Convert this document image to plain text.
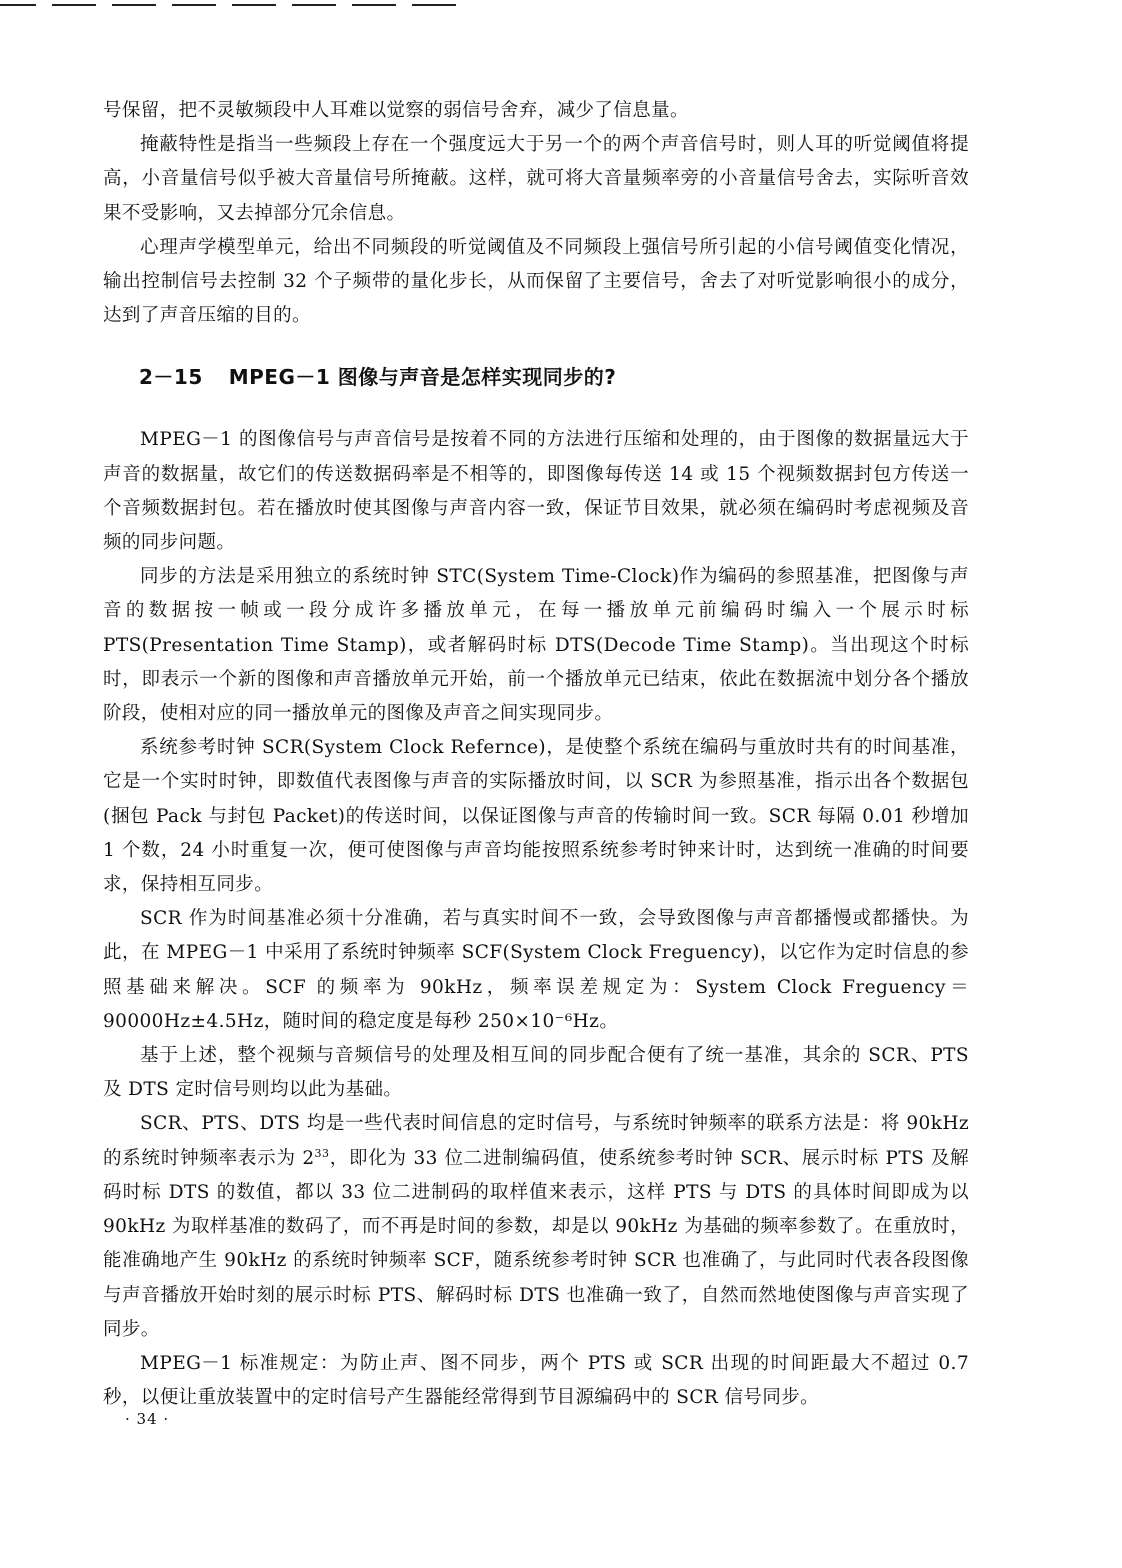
号保留，把不灵敏频段中人耳难以觉察的弱信号舍弃，减少了信息量。

掩蔽特性是指当一些频段上存在一个强度远大于另一个的两个声音信号时，则人耳的听觉阈值将提高，小音量信号似乎被大音量信号所掩蔽。这样，就可将大音量频率旁的小音量信号舍去，实际听音效果不受影响，又去掉部分冗余信息。

心理声学模型单元，给出不同频段的听觉阈值及不同频段上强信号所引起的小信号阈值变化情况，输出控制信号去控制 32 个子频带的量化步长，从而保留了主要信号，舍去了对听觉影响很小的成分，达到了声音压缩的目的。

2－15 MPEG－1 图像与声音是怎样实现同步的?

MPEG－1 的图像信号与声音信号是按着不同的方法进行压缩和处理的，由于图像的数据量远大于声音的数据量，故它们的传送数据码率是不相等的，即图像每传送 14 或 15 个视频数据封包方传送一个音频数据封包。若在播放时使其图像与声音内容一致，保证节目效果，就必须在编码时考虑视频及音频的同步问题。

同步的方法是采用独立的系统时钟 STC(System Time-Clock)作为编码的参照基准，把图像与声音的数据按一帧或一段分成许多播放单元，在每一播放单元前编码时编入一个展示时标 PTS(Presentation Time Stamp)，或者解码时标 DTS(Decode Time Stamp)。当出现这个时标时，即表示一个新的图像和声音播放单元开始，前一个播放单元已结束，依此在数据流中划分各个播放阶段，使相对应的同一播放单元的图像及声音之间实现同步。

系统参考时钟 SCR(System Clock Refernce)，是使整个系统在编码与重放时共有的时间基准，它是一个实时时钟，即数值代表图像与声音的实际播放时间，以 SCR 为参照基准，指示出各个数据包(捆包 Pack 与封包 Packet)的传送时间，以保证图像与声音的传输时间一致。SCR 每隔 0.01 秒增加 1 个数，24 小时重复一次，便可使图像与声音均能按照系统参考时钟来计时，达到统一准确的时间要求，保持相互同步。

SCR 作为时间基准必须十分准确，若与真实时间不一致，会导致图像与声音都播慢或都播快。为此，在 MPEG－1 中采用了系统时钟频率 SCF(System Clock Freguency)，以它作为定时信息的参照基础来解决。SCF 的频率为 90kHz，频率误差规定为：System Clock Freguency＝90000Hz±4.5Hz，随时间的稳定度是每秒 250×10⁻⁶Hz。

基于上述，整个视频与音频信号的处理及相互间的同步配合便有了统一基准，其余的 SCR、PTS 及 DTS 定时信号则均以此为基础。

SCR、PTS、DTS 均是一些代表时间信息的定时信号，与系统时钟频率的联系方法是：将 90kHz 的系统时钟频率表示为 $2^{33}$，即化为 33 位二进制编码值，使系统参考时钟 SCR、展示时标 PTS 及解码时标 DTS 的数值，都以 33 位二进制码的取样值来表示，这样 PTS 与 DTS 的具体时间即成为以 90kHz 为取样基准的数码了，而不再是时间的参数，却是以 90kHz 为基础的频率参数了。在重放时，能准确地产生 90kHz 的系统时钟频率 SCF，随系统参考时钟 SCR 也准确了，与此同时代表各段图像与声音播放开始时刻的展示时标 PTS、解码时标 DTS 也准确一致了，自然而然地使图像与声音实现了同步。

MPEG－1 标准规定：为防止声、图不同步，两个 PTS 或 SCR 出现的时间距最大不超过 0.7 秒，以便让重放装置中的定时信号产生器能经常得到节目源编码中的 SCR 信号同步。

· 34 ·
